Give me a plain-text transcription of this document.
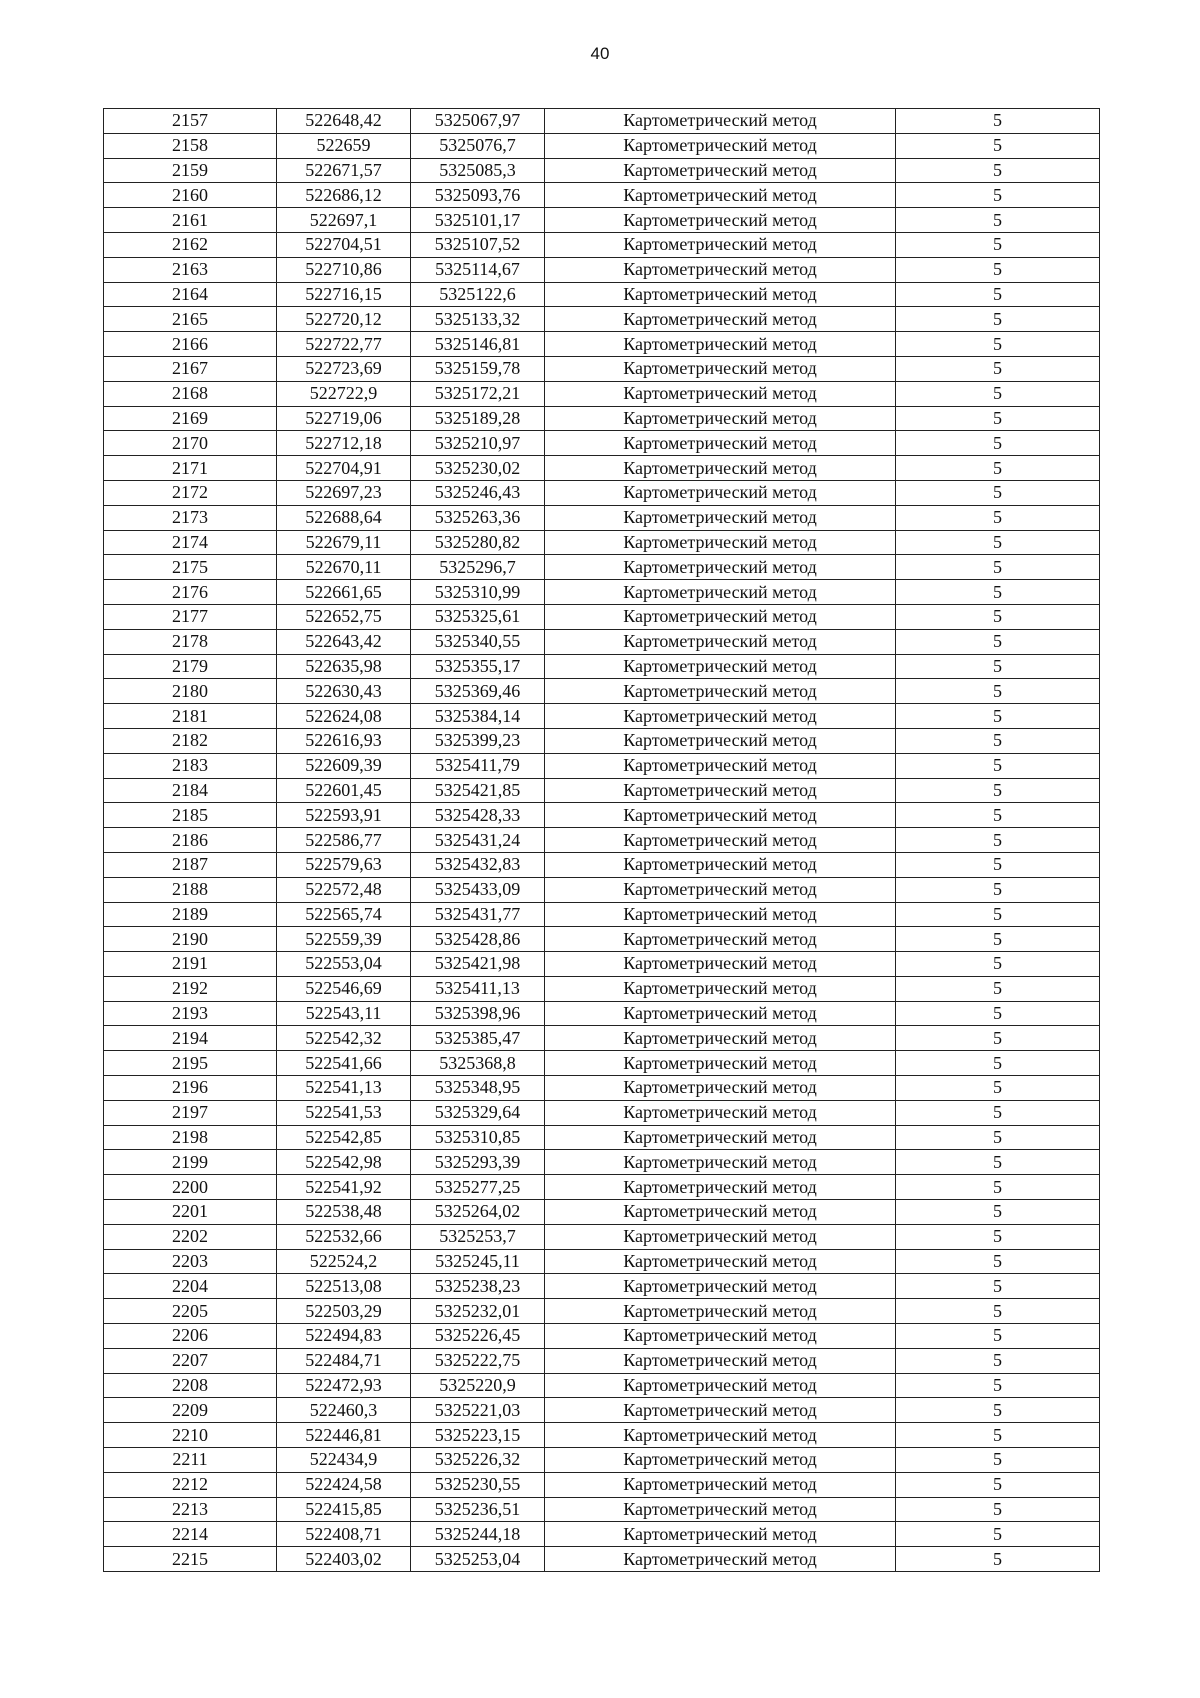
40
2157	522648,42	5325067,97	Картометрический метод	5
2158	522659	5325076,7	Картометрический метод	5
2159	522671,57	5325085,3	Картометрический метод	5
2160	522686,12	5325093,76	Картометрический метод	5
2161	522697,1	5325101,17	Картометрический метод	5
2162	522704,51	5325107,52	Картометрический метод	5
2163	522710,86	5325114,67	Картометрический метод	5
2164	522716,15	5325122,6	Картометрический метод	5
2165	522720,12	5325133,32	Картометрический метод	5
2166	522722,77	5325146,81	Картометрический метод	5
2167	522723,69	5325159,78	Картометрический метод	5
2168	522722,9	5325172,21	Картометрический метод	5
2169	522719,06	5325189,28	Картометрический метод	5
2170	522712,18	5325210,97	Картометрический метод	5
2171	522704,91	5325230,02	Картометрический метод	5
2172	522697,23	5325246,43	Картометрический метод	5
2173	522688,64	5325263,36	Картометрический метод	5
2174	522679,11	5325280,82	Картометрический метод	5
2175	522670,11	5325296,7	Картометрический метод	5
2176	522661,65	5325310,99	Картометрический метод	5
2177	522652,75	5325325,61	Картометрический метод	5
2178	522643,42	5325340,55	Картометрический метод	5
2179	522635,98	5325355,17	Картометрический метод	5
2180	522630,43	5325369,46	Картометрический метод	5
2181	522624,08	5325384,14	Картометрический метод	5
2182	522616,93	5325399,23	Картометрический метод	5
2183	522609,39	5325411,79	Картометрический метод	5
2184	522601,45	5325421,85	Картометрический метод	5
2185	522593,91	5325428,33	Картометрический метод	5
2186	522586,77	5325431,24	Картометрический метод	5
2187	522579,63	5325432,83	Картометрический метод	5
2188	522572,48	5325433,09	Картометрический метод	5
2189	522565,74	5325431,77	Картометрический метод	5
2190	522559,39	5325428,86	Картометрический метод	5
2191	522553,04	5325421,98	Картометрический метод	5
2192	522546,69	5325411,13	Картометрический метод	5
2193	522543,11	5325398,96	Картометрический метод	5
2194	522542,32	5325385,47	Картометрический метод	5
2195	522541,66	5325368,8	Картометрический метод	5
2196	522541,13	5325348,95	Картометрический метод	5
2197	522541,53	5325329,64	Картометрический метод	5
2198	522542,85	5325310,85	Картометрический метод	5
2199	522542,98	5325293,39	Картометрический метод	5
2200	522541,92	5325277,25	Картометрический метод	5
2201	522538,48	5325264,02	Картометрический метод	5
2202	522532,66	5325253,7	Картометрический метод	5
2203	522524,2	5325245,11	Картометрический метод	5
2204	522513,08	5325238,23	Картометрический метод	5
2205	522503,29	5325232,01	Картометрический метод	5
2206	522494,83	5325226,45	Картометрический метод	5
2207	522484,71	5325222,75	Картометрический метод	5
2208	522472,93	5325220,9	Картометрический метод	5
2209	522460,3	5325221,03	Картометрический метод	5
2210	522446,81	5325223,15	Картометрический метод	5
2211	522434,9	5325226,32	Картометрический метод	5
2212	522424,58	5325230,55	Картометрический метод	5
2213	522415,85	5325236,51	Картометрический метод	5
2214	522408,71	5325244,18	Картометрический метод	5
2215	522403,02	5325253,04	Картометрический метод	5
